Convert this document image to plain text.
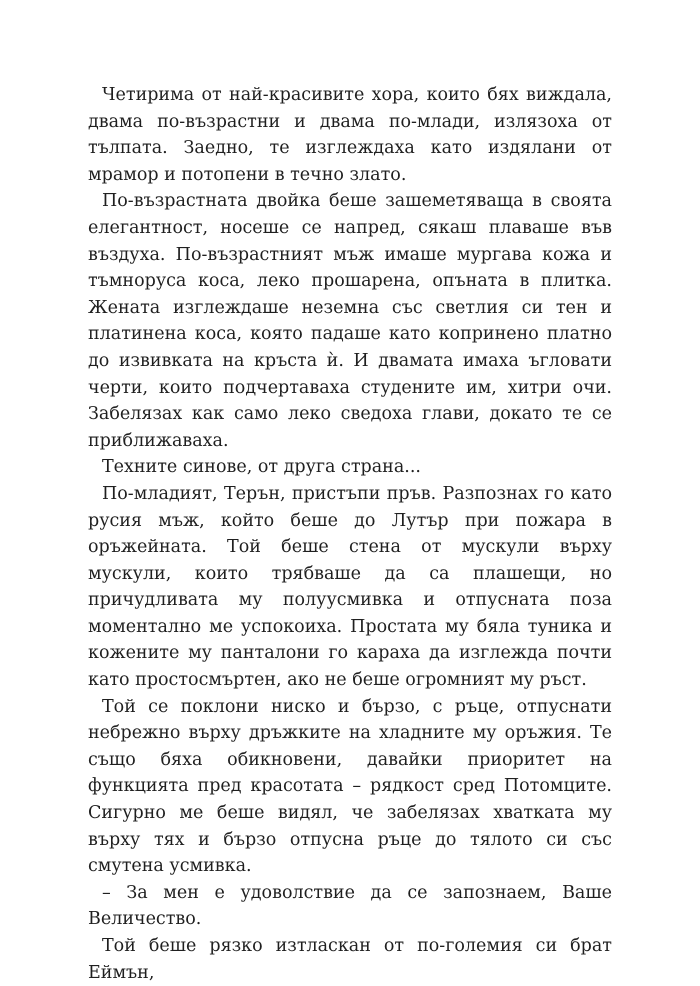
Четирима от най-красивите хора, които бях виждала, двама по-възрастни и двама по-млади, излязоха от тълпата. Заедно, те изглеждаха като издялани от мрамор и потопени в течно злато.

По-възрастната двойка беше зашеметяваща в своята елегантност, носеше се напред, сякаш плаваше във въздуха. По-възрастният мъж имаше мургава кожа и тъмноруса коса, леко прошарена, опъната в плитка. Жената изглеждаше неземна със светлия си тен и платинена коса, която падаше като копринено платно до извивката на кръста ѝ. И двамата имаха ъгловати черти, които подчертаваха студените им, хитри очи. Забелязах как само леко сведоха глави, докато те се приближаваха.

Техните синове, от друга страна...

По-младият, Терън, пристъпи пръв. Разпознах го като русия мъж, който беше до Лутър при пожара в оръжейната. Той беше стена от мускули върху мускули, които трябваше да са плашещи, но причудливата му полуусмивка и отпусната поза моментално ме успокоиха. Простата му бяла туника и кожените му панталони го караха да изглежда почти като простосмъртен, ако не беше огромният му ръст.

Той се поклони ниско и бързо, с ръце, отпуснати небрежно върху дръжките на хладните му оръжия. Те също бяха обикновени, давайки приоритет на функцията пред красотата – рядкост сред Потомците. Сигурно ме беше видял, че забелязах хватката му върху тях и бързо отпусна ръце до тялото си със смутена усмивка.

– За мен е удоволствие да се запознаем, Ваше Величество.

Той беше рязко изтласкан от по-големия си брат Еймън,
